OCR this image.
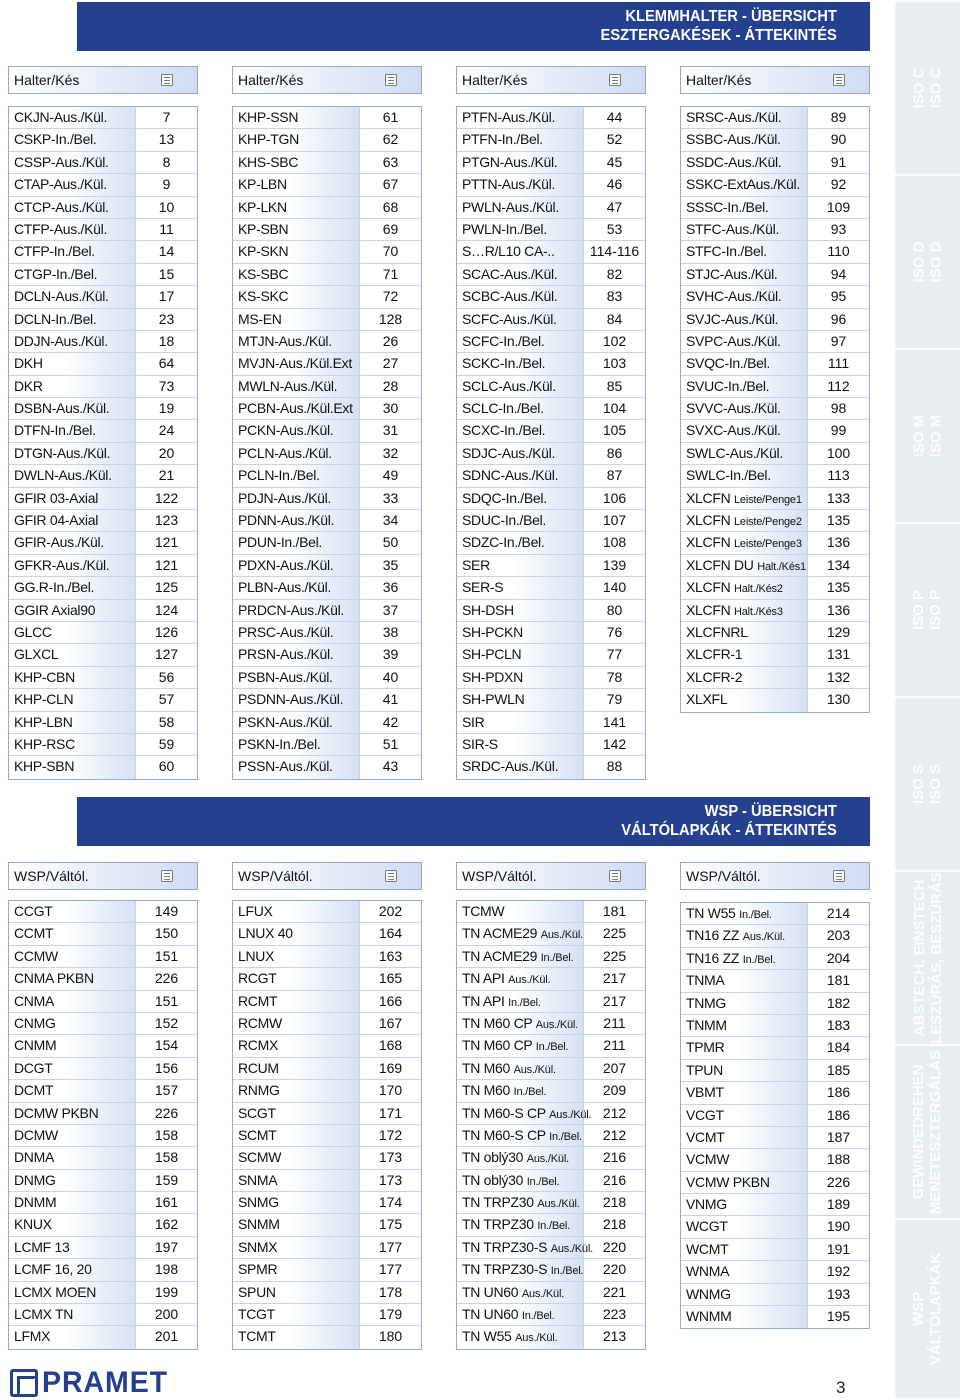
KLEMMHALTER - ÜBERSICHT
ESZTERGAKÉSEK - ÁTTEKINTÉS
WSP - ÜBERSICHT
VÁLTÓLAPKÁK - ÁTTEKINTÉS
Halter/Kés
CKJN-Aus./Kül.	7
CSKP-In./Bel.	13
CSSP-Aus./Kül.	8
CTAP-Aus./Kül.	9
CTCP-Aus./Kül.	10
CTFP-Aus./Kül.	11
CTFP-In./Bel.	14
CTGP-In./Bel.	15
DCLN-Aus./Kül.	17
DCLN-In./Bel.	23
DDJN-Aus./Kül.	18
DKH	64
DKR	73
DSBN-Aus./Kül.	19
DTFN-In./Bel.	24
DTGN-Aus./Kül.	20
DWLN-Aus./Kül.	21
GFIR 03-Axial	122
GFIR 04-Axial	123
GFIR-Aus./Kül.	121
GFKR-Aus./Kül.	121
GG.R-In./Bel.	125
GGIR Axial90	124
GLCC	126
GLXCL	127
KHP-CBN	56
KHP-CLN	57
KHP-LBN	58
KHP-RSC	59
KHP-SBN	60
Halter/Kés
KHP-SSN	61
KHP-TGN	62
KHS-SBC	63
KP-LBN	67
KP-LKN	68
KP-SBN	69
KP-SKN	70
KS-SBC	71
KS-SKC	72
MS-EN	128
MTJN-Aus./Kül.	26
MVJN-Aus./Kül.Ext	27
MWLN-Aus./Kül.	28
PCBN-Aus./Kül.Ext	30
PCKN-Aus./Kül.	31
PCLN-Aus./Kül.	32
PCLN-In./Bel.	49
PDJN-Aus./Kül.	33
PDNN-Aus./Kül.	34
PDUN-In./Bel.	50
PDXN-Aus./Kül.	35
PLBN-Aus./Kül.	36
PRDCN-Aus./Kül.	37
PRSC-Aus./Kül.	38
PRSN-Aus./Kül.	39
PSBN-Aus./Kül.	40
PSDNN-Aus./Kül.	41
PSKN-Aus./Kül.	42
PSKN-In./Bel.	51
PSSN-Aus./Kül.	43
Halter/Kés
PTFN-Aus./Kül.	44
PTFN-In./Bel.	52
PTGN-Aus./Kül.	45
PTTN-Aus./Kül.	46
PWLN-Aus./Kül.	47
PWLN-In./Bel.	53
S…R/L10 CA-..	114-116
SCAC-Aus./Kül.	82
SCBC-Aus./Kül.	83
SCFC-Aus./Kül.	84
SCFC-In./Bel.	102
SCKC-In./Bel.	103
SCLC-Aus./Kül.	85
SCLC-In./Bel.	104
SCXC-In./Bel.	105
SDJC-Aus./Kül.	86
SDNC-Aus./Kül.	87
SDQC-In./Bel.	106
SDUC-In./Bel.	107
SDZC-In./Bel.	108
SER	139
SER-S	140
SH-DSH	80
SH-PCKN	76
SH-PCLN	77
SH-PDXN	78
SH-PWLN	79
SIR	141
SIR-S	142
SRDC-Aus./Kül.	88
Halter/Kés
SRSC-Aus./Kül.	89
SSBC-Aus./Kül.	90
SSDC-Aus./Kül.	91
SSKC-ExtAus./Kül.	92
SSSC-In./Bel.	109
STFC-Aus./Kül.	93
STFC-In./Bel.	110
STJC-Aus./Kül.	94
SVHC-Aus./Kül.	95
SVJC-Aus./Kül.	96
SVPC-Aus./Kül.	97
SVQC-In./Bel.	111
SVUC-In./Bel.	112
SVVC-Aus./Kül.	98
SVXC-Aus./Kül.	99
SWLC-Aus./Kül.	100
SWLC-In./Bel.	113
XLCFN Leiste/Penge1	133
XLCFN Leiste/Penge2	135
XLCFN Leiste/Penge3	136
XLCFN DU Halt./Kés1	134
XLCFN Halt./Kés2	135
XLCFN Halt./Kés3	136
XLCFNRL	129
XLCFR-1	131
XLCFR-2	132
XLXFL	130
WSP/Váltól.
CCGT	149
CCMT	150
CCMW	151
CNMA PKBN	226
CNMA	151
CNMG	152
CNMM	154
DCGT	156
DCMT	157
DCMW PKBN	226
DCMW	158
DNMA	158
DNMG	159
DNMM	161
KNUX	162
LCMF 13	197
LCMF 16, 20	198
LCMX MOEN	199
LCMX TN	200
LFMX	201
WSP/Váltól.
LFUX	202
LNUX 40	164
LNUX	163
RCGT	165
RCMT	166
RCMW	167
RCMX	168
RCUM	169
RNMG	170
SCGT	171
SCMT	172
SCMW	173
SNMA	173
SNMG	174
SNMM	175
SNMX	177
SPMR	177
SPUN	178
TCGT	179
TCMT	180
WSP/Váltól.
TCMW	181
TN ACME29 Aus./Kül.	225
TN ACME29 In./Bel.	225
TN API Aus./Kül.	217
TN API In./Bel.	217
TN M60 CP Aus./Kül.	211
TN M60 CP In./Bel.	211
TN M60 Aus./Kül.	207
TN M60 In./Bel.	209
TN M60-S CP Aus./Kül. 212
TN M60-S CP In./Bel.	212
TN oblý30 Aus./Kül.	216
TN oblý30 In./Bel.	216
TN TRPZ30 Aus./Kül.	218
TN TRPZ30 In./Bel.	218
TN TRPZ30-S Aus./Kül. 220
TN TRPZ30-S In./Bel.	220
TN UN60 Aus./Kül.	221
TN UN60 In./Bel.	223
TN W55 Aus./Kül.	213
WSP/Váltól.
TN W55 In./Bel.	214
TN16 ZZ Aus./Kül.	203
TN16 ZZ In./Bel.	204
TNMA	181
TNMG	182
TNMM	183
TPMR	184
TPUN	185
VBMT	186
VCGT	186
VCMT	187
VCMW	188
VCMW PKBN	226
VNMG	189
WCGT	190
WCMT	191
WNMA	192
WNMG	193
WNMM	195
ISO C ISO C
ISO D ISO D
ISO M ISO M
ISO P ISO P
ISO S ISO S
ABSTECH, EINSTECH LESZÚRÁS, BESZÚRÁS
GEWINDEDREHEN MENETESZTERGÁLÁS
WSP VÁLTÓLAPKÁK
PRAMET	3
